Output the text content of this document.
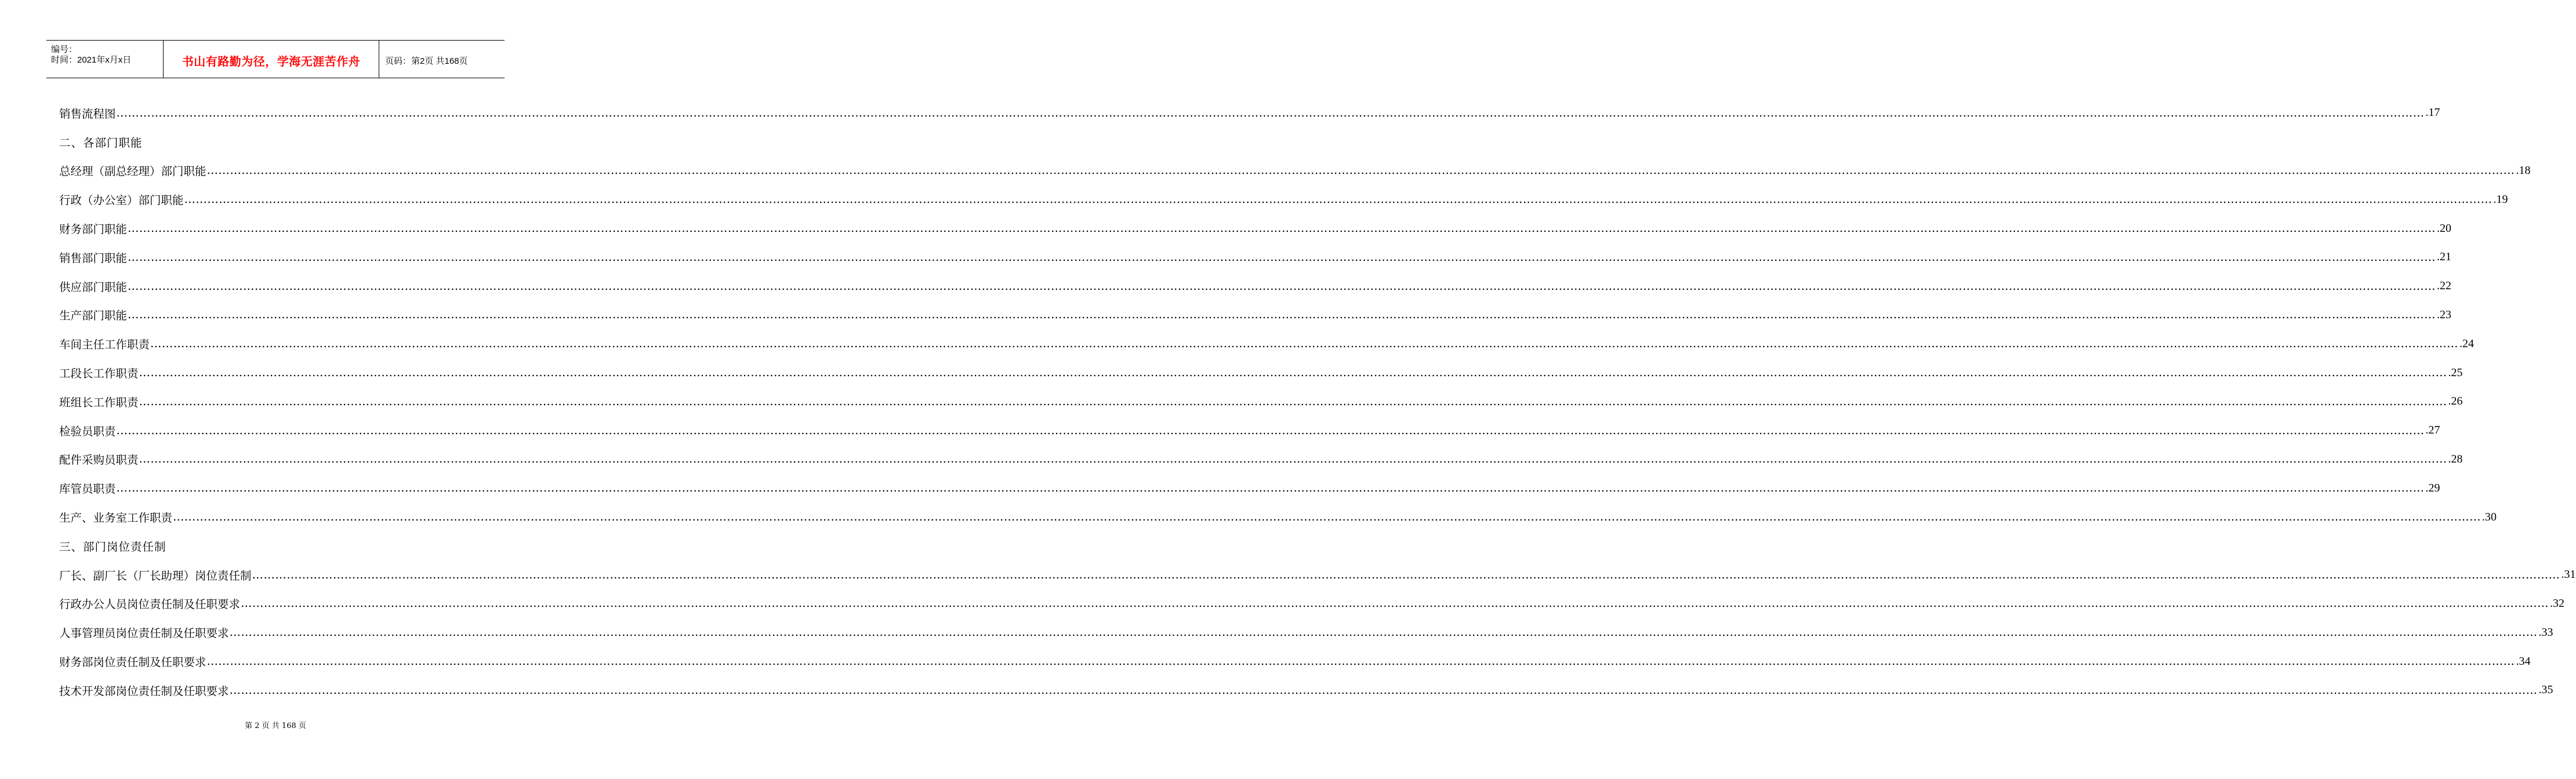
编号：
时间：2021年x月x日	书山有路勤为径，学海无涯苦作舟	页码：第2页 共168页
销售流程图 …………………………………………………………………………………………………………………………………………………………………………………………………………………………………………………………………………………………………………………………………………………………………………………………………………………………………………………………………………………………………………………………………………………… .17
二、各部门职能
总经理（副总经理）部门职能 …………………………………………………………………………………………………………………………………………………………………………………………………………………………………………………………………………………………………………………………………………………………………………………………………………………………………………………………………………………………………………………………………………………… .18
行政（办公室）部门职能 …………………………………………………………………………………………………………………………………………………………………………………………………………………………………………………………………………………………………………………………………………………………………………………………………………………………………………………………………………………………………………………………………………………… .19
财务部门职能 …………………………………………………………………………………………………………………………………………………………………………………………………………………………………………………………………………………………………………………………………………………………………………………………………………………………………………………………………………………………………………………………………………………… .20
销售部门职能 …………………………………………………………………………………………………………………………………………………………………………………………………………………………………………………………………………………………………………………………………………………………………………………………………………………………………………………………………………………………………………………………………………………… .21
供应部门职能 …………………………………………………………………………………………………………………………………………………………………………………………………………………………………………………………………………………………………………………………………………………………………………………………………………………………………………………………………………………………………………………………………………………… .22
生产部门职能 …………………………………………………………………………………………………………………………………………………………………………………………………………………………………………………………………………………………………………………………………………………………………………………………………………………………………………………………………………………………………………………………………………………… .23
车间主任工作职责 …………………………………………………………………………………………………………………………………………………………………………………………………………………………………………………………………………………………………………………………………………………………………………………………………………………………………………………………………………………………………………………………………………………… .24
工段长工作职责 …………………………………………………………………………………………………………………………………………………………………………………………………………………………………………………………………………………………………………………………………………………………………………………………………………………………………………………………………………………………………………………………………………………… .25
班组长工作职责 …………………………………………………………………………………………………………………………………………………………………………………………………………………………………………………………………………………………………………………………………………………………………………………………………………………………………………………………………………………………………………………………………………………… .26
检验员职责 …………………………………………………………………………………………………………………………………………………………………………………………………………………………………………………………………………………………………………………………………………………………………………………………………………………………………………………………………………………………………………………………………………………… .27
配件采购员职责 …………………………………………………………………………………………………………………………………………………………………………………………………………………………………………………………………………………………………………………………………………………………………………………………………………………………………………………………………………………………………………………………………………………… .28
库管员职责 …………………………………………………………………………………………………………………………………………………………………………………………………………………………………………………………………………………………………………………………………………………………………………………………………………………………………………………………………………………………………………………………………………………… .29
生产、业务室工作职责 …………………………………………………………………………………………………………………………………………………………………………………………………………………………………………………………………………………………………………………………………………………………………………………………………………………………………………………………………………………………………………………………………………………… .30
三、部门岗位责任制
厂长、副厂长（厂长助理）岗位责任制 …………………………………………………………………………………………………………………………………………………………………………………………………………………………………………………………………………………………………………………………………………………………………………………………………………………………………………………………………………………………………………………………………………………… .31
行政办公人员岗位责任制及任职要求 …………………………………………………………………………………………………………………………………………………………………………………………………………………………………………………………………………………………………………………………………………………………………………………………………………………………………………………………………………………………………………………………………………………… .32
人事管理员岗位责任制及任职要求 …………………………………………………………………………………………………………………………………………………………………………………………………………………………………………………………………………………………………………………………………………………………………………………………………………………………………………………………………………………………………………………………………………………… .33
财务部岗位责任制及任职要求 …………………………………………………………………………………………………………………………………………………………………………………………………………………………………………………………………………………………………………………………………………………………………………………………………………………………………………………………………………………………………………………………………………………… .34
技术开发部岗位责任制及任职要求 …………………………………………………………………………………………………………………………………………………………………………………………………………………………………………………………………………………………………………………………………………………………………………………………………………………………………………………………………………………………………………………………………………………… .35
第 2 页 共 168 页
